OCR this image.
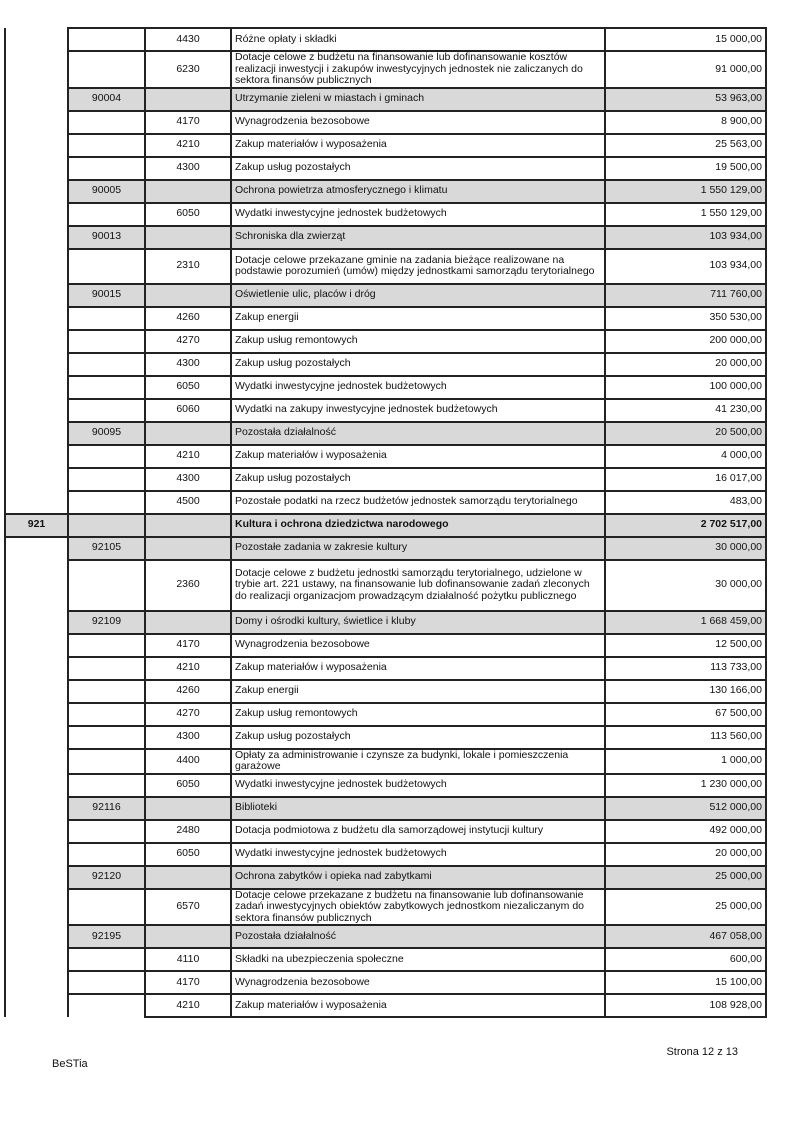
		4430	Różne opłaty i składki	15 000,00
		6230	Dotacje celowe z budżetu na finansowanie lub dofinansowanie kosztów realizacji inwestycji i zakupów inwestycyjnych jednostek nie zaliczanych do sektora finansów publicznych	91 000,00
	90004		Utrzymanie zieleni w miastach i gminach	53 963,00
		4170	Wynagrodzenia bezosobowe	8 900,00
		4210	Zakup materiałów i wyposażenia	25 563,00
		4300	Zakup usług pozostałych	19 500,00
	90005		Ochrona powietrza atmosferycznego i klimatu	1 550 129,00
		6050	Wydatki inwestycyjne jednostek budżetowych	1 550 129,00
	90013		Schroniska dla zwierząt	103 934,00
		2310	Dotacje celowe przekazane gminie na zadania bieżące realizowane na podstawie porozumień (umów) między jednostkami samorządu terytorialnego	103 934,00
	90015		Oświetlenie ulic, placów i dróg	711 760,00
		4260	Zakup energii	350 530,00
		4270	Zakup usług remontowych	200 000,00
		4300	Zakup usług pozostałych	20 000,00
		6050	Wydatki inwestycyjne jednostek budżetowych	100 000,00
		6060	Wydatki na zakupy inwestycyjne jednostek budżetowych	41 230,00
	90095		Pozostała działalność	20 500,00
		4210	Zakup materiałów i wyposażenia	4 000,00
		4300	Zakup usług pozostałych	16 017,00
		4500	Pozostałe podatki na rzecz budżetów jednostek samorządu terytorialnego	483,00
921			Kultura i ochrona dziedzictwa narodowego	2 702 517,00
	92105		Pozostałe zadania w zakresie kultury	30 000,00
		2360	Dotacje celowe z budżetu jednostki samorządu terytorialnego, udzielone w trybie art. 221 ustawy, na finansowanie lub dofinansowanie zadań zleconych do realizacji organizacjom prowadzącym działalność pożytku publicznego	30 000,00
	92109		Domy i ośrodki kultury, świetlice i kluby	1 668 459,00
		4170	Wynagrodzenia bezosobowe	12 500,00
		4210	Zakup materiałów i wyposażenia	113 733,00
		4260	Zakup energii	130 166,00
		4270	Zakup usług remontowych	67 500,00
		4300	Zakup usług pozostałych	113 560,00
		4400	Opłaty za administrowanie i czynsze za budynki, lokale i pomieszczenia garażowe	1 000,00
		6050	Wydatki inwestycyjne jednostek budżetowych	1 230 000,00
	92116		Biblioteki	512 000,00
		2480	Dotacja podmiotowa z budżetu dla samorządowej instytucji kultury	492 000,00
		6050	Wydatki inwestycyjne jednostek budżetowych	20 000,00
	92120		Ochrona zabytków i opieka nad zabytkami	25 000,00
		6570	Dotacje celowe przekazane z budżetu na finansowanie lub dofinansowanie zadań inwestycyjnych obiektów zabytkowych jednostkom niezaliczanym do sektora finansów publicznych	25 000,00
	92195		Pozostała działalność	467 058,00
		4110	Składki na ubezpieczenia społeczne	600,00
		4170	Wynagrodzenia bezosobowe	15 100,00
		4210	Zakup materiałów i wyposażenia	108 928,00
Strona 12 z 13
BeSTia
